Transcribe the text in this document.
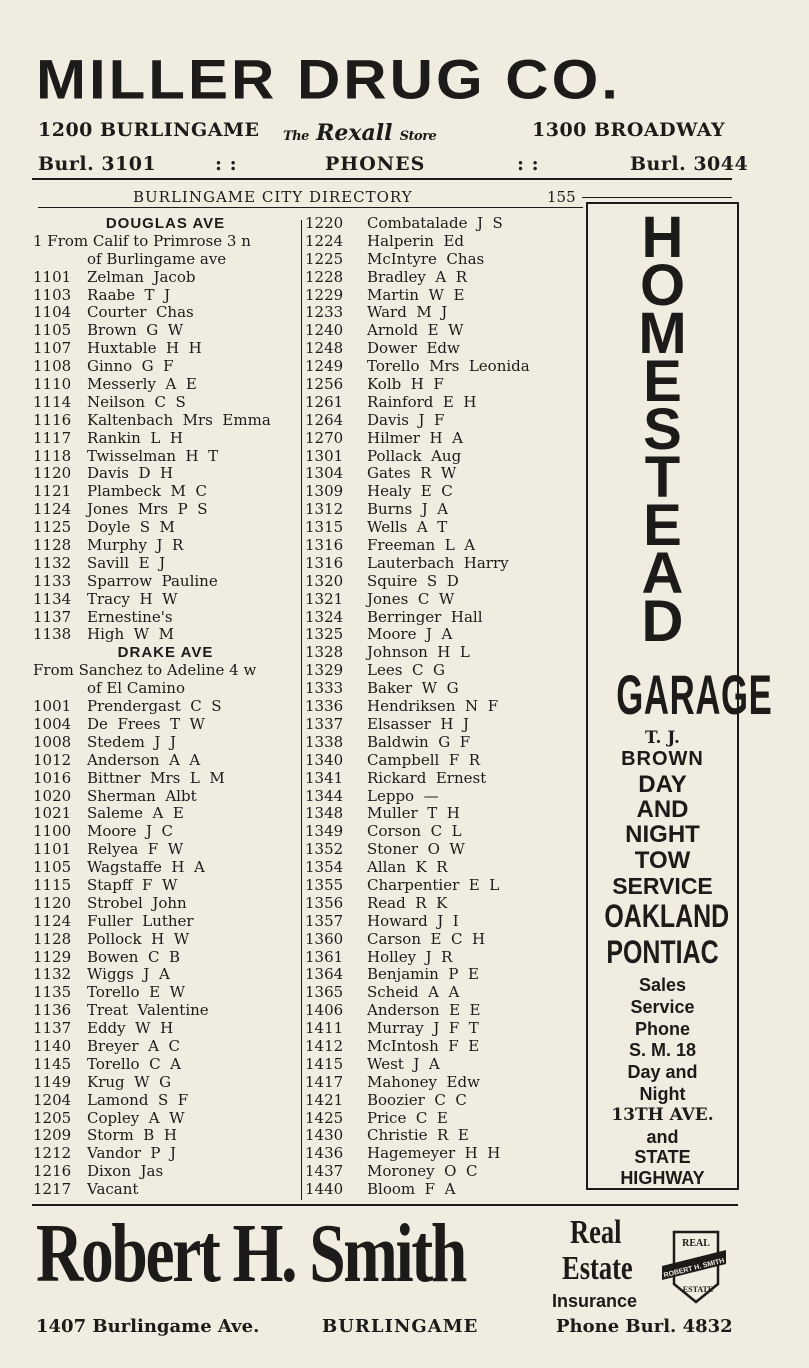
MILLER DRUG CO.
1200 BURLINGAME The Rexall Store	1300 BROADWAY
Burl. 3101	: :	PHONES	: :	Burl. 3044
BURLINGAME CITY DIRECTORY	155
DOUGLAS AVE
1 From Calif to Primrose 3 n
of Burlingame ave
1101 Zelman  Jacob
1103 Raabe  T  J
1104 Courter  Chas
1105 Brown  G  W
1107 Huxtable  H  H
1108 Ginno  G  F
1110 Messerly  A  E
1114 Neilson  C  S
1116 Kaltenbach  Mrs  Emma
1117 Rankin  L  H
1118 Twisselman  H  T
1120 Davis  D  H
1121 Plambeck  M  C
1124 Jones  Mrs  P  S
1125 Doyle  S  M
1128 Murphy  J  R
1132 Savill  E  J
1133 Sparrow  Pauline
1134 Tracy  H  W
1137 Ernestine's
1138 High  W  M
DRAKE AVE
From Sanchez to Adeline 4 w
of El Camino
1001 Prendergast  C  S
1004 De  Frees  T  W
1008 Stedem  J  J
1012 Anderson  A  A
1016 Bittner  Mrs  L  M
1020 Sherman  Albt
1021 Saleme  A  E
1100 Moore  J  C
1101 Relyea  F  W
1105 Wagstaffe  H  A
1115 Stapff  F  W
1120 Strobel  John
1124 Fuller  Luther
1128 Pollock  H  W
1129 Bowen  C  B
1132 Wiggs  J  A
1135 Torello  E  W
1136 Treat  Valentine
1137 Eddy  W  H
1140 Breyer  A  C
1145 Torello  C  A
1149 Krug  W  G
1204 Lamond  S  F
1205 Copley  A  W
1209 Storm  B  H
1212 Vandor  P  J
1216 Dixon  Jas
1217 Vacant
1220 Combatalade  J  S
1224 Halperin  Ed
1225 McIntyre  Chas
1228 Bradley  A  R
1229 Martin  W  E
1233 Ward  M  J
1240 Arnold  E  W
1248 Dower  Edw
1249 Torello  Mrs  Leonida
1256 Kolb  H  F
1261 Rainford  E  H
1264 Davis  J  F
1270 Hilmer  H  A
1301 Pollack  Aug
1304 Gates  R  W
1309 Healy  E  C
1312 Burns  J  A
1315 Wells  A  T
1316 Freeman  L  A
1316 Lauterbach  Harry
1320 Squire  S  D
1321 Jones  C  W
1324 Berringer  Hall
1325 Moore  J  A
1328 Johnson  H  L
1329 Lees  C  G
1333 Baker  W  G
1336 Hendriksen  N  F
1337 Elsasser  H  J
1338 Baldwin  G  F
1340 Campbell  F  R
1341 Rickard  Ernest
1344 Leppo  —
1348 Muller  T  H
1349 Corson  C  L
1352 Stoner  O  W
1354 Allan  K  R
1355 Charpentier  E  L
1356 Read  R  K
1357 Howard  J  I
1360 Carson  E  C  H
1361 Holley  J  R
1364 Benjamin  P  E
1365 Scheid  A  A
1406 Anderson  E  E
1411 Murray  J  F  T
1412 McIntosh  F  E
1415 West  J  A
1417 Mahoney  Edw
1421 Boozier  C  C
1425 Price  C  E
1430 Christie  R  E
1436 Hagemeyer  H  H
1437 Moroney  O  C
1440 Bloom  F  A
H
O
M
E
S
T
E
A
D
GARAGE
T. J.
BROWN
DAY
AND
NIGHT
TOW
SERVICE
OAKLAND
PONTIAC
Sales
Service
Phone
S. M. 18
Day and
Night
13TH AVE.
and
STATE
HIGHWAY
Robert H. Smith	Real
Estate
Insurance
REAL
ROBERT H. SMITH
ESTATE
1407 Burlingame Ave.	BURLINGAME	Phone Burl. 4832
